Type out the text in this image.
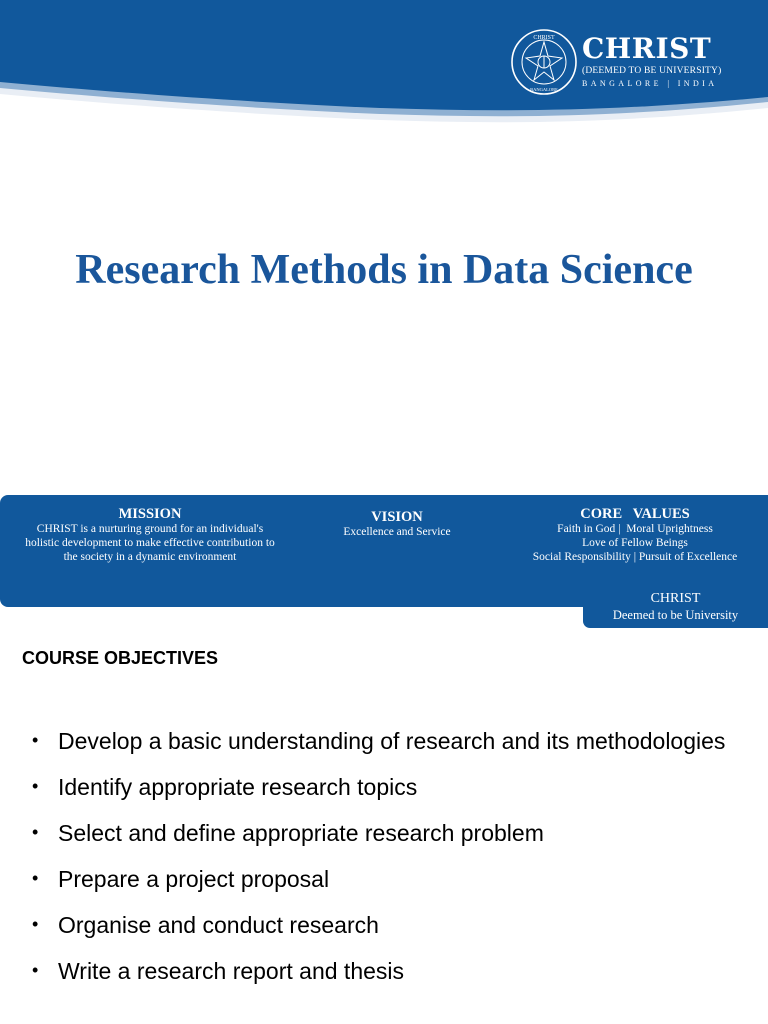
CHRIST
BANGALORE
CHRIST
(DEEMED TO BE UNIVERSITY)
BANGALORE | INDIA
Research Methods in Data Science
MISSION
CHRIST is a nurturing ground for an individual's
holistic development to make effective contribution to
the society in a dynamic environment
VISION
Excellence and Service
CORE   VALUES
Faith in God |  Moral Uprightness
Love of Fellow Beings
Social Responsibility | Pursuit of Excellence
CHRIST
Deemed to be University
COURSE OBJECTIVES
• Develop a basic understanding of research and its methodologies
• Identify appropriate research topics
• Select and define appropriate research problem
• Prepare a project proposal
• Organise and conduct research
• Write a research report and thesis
